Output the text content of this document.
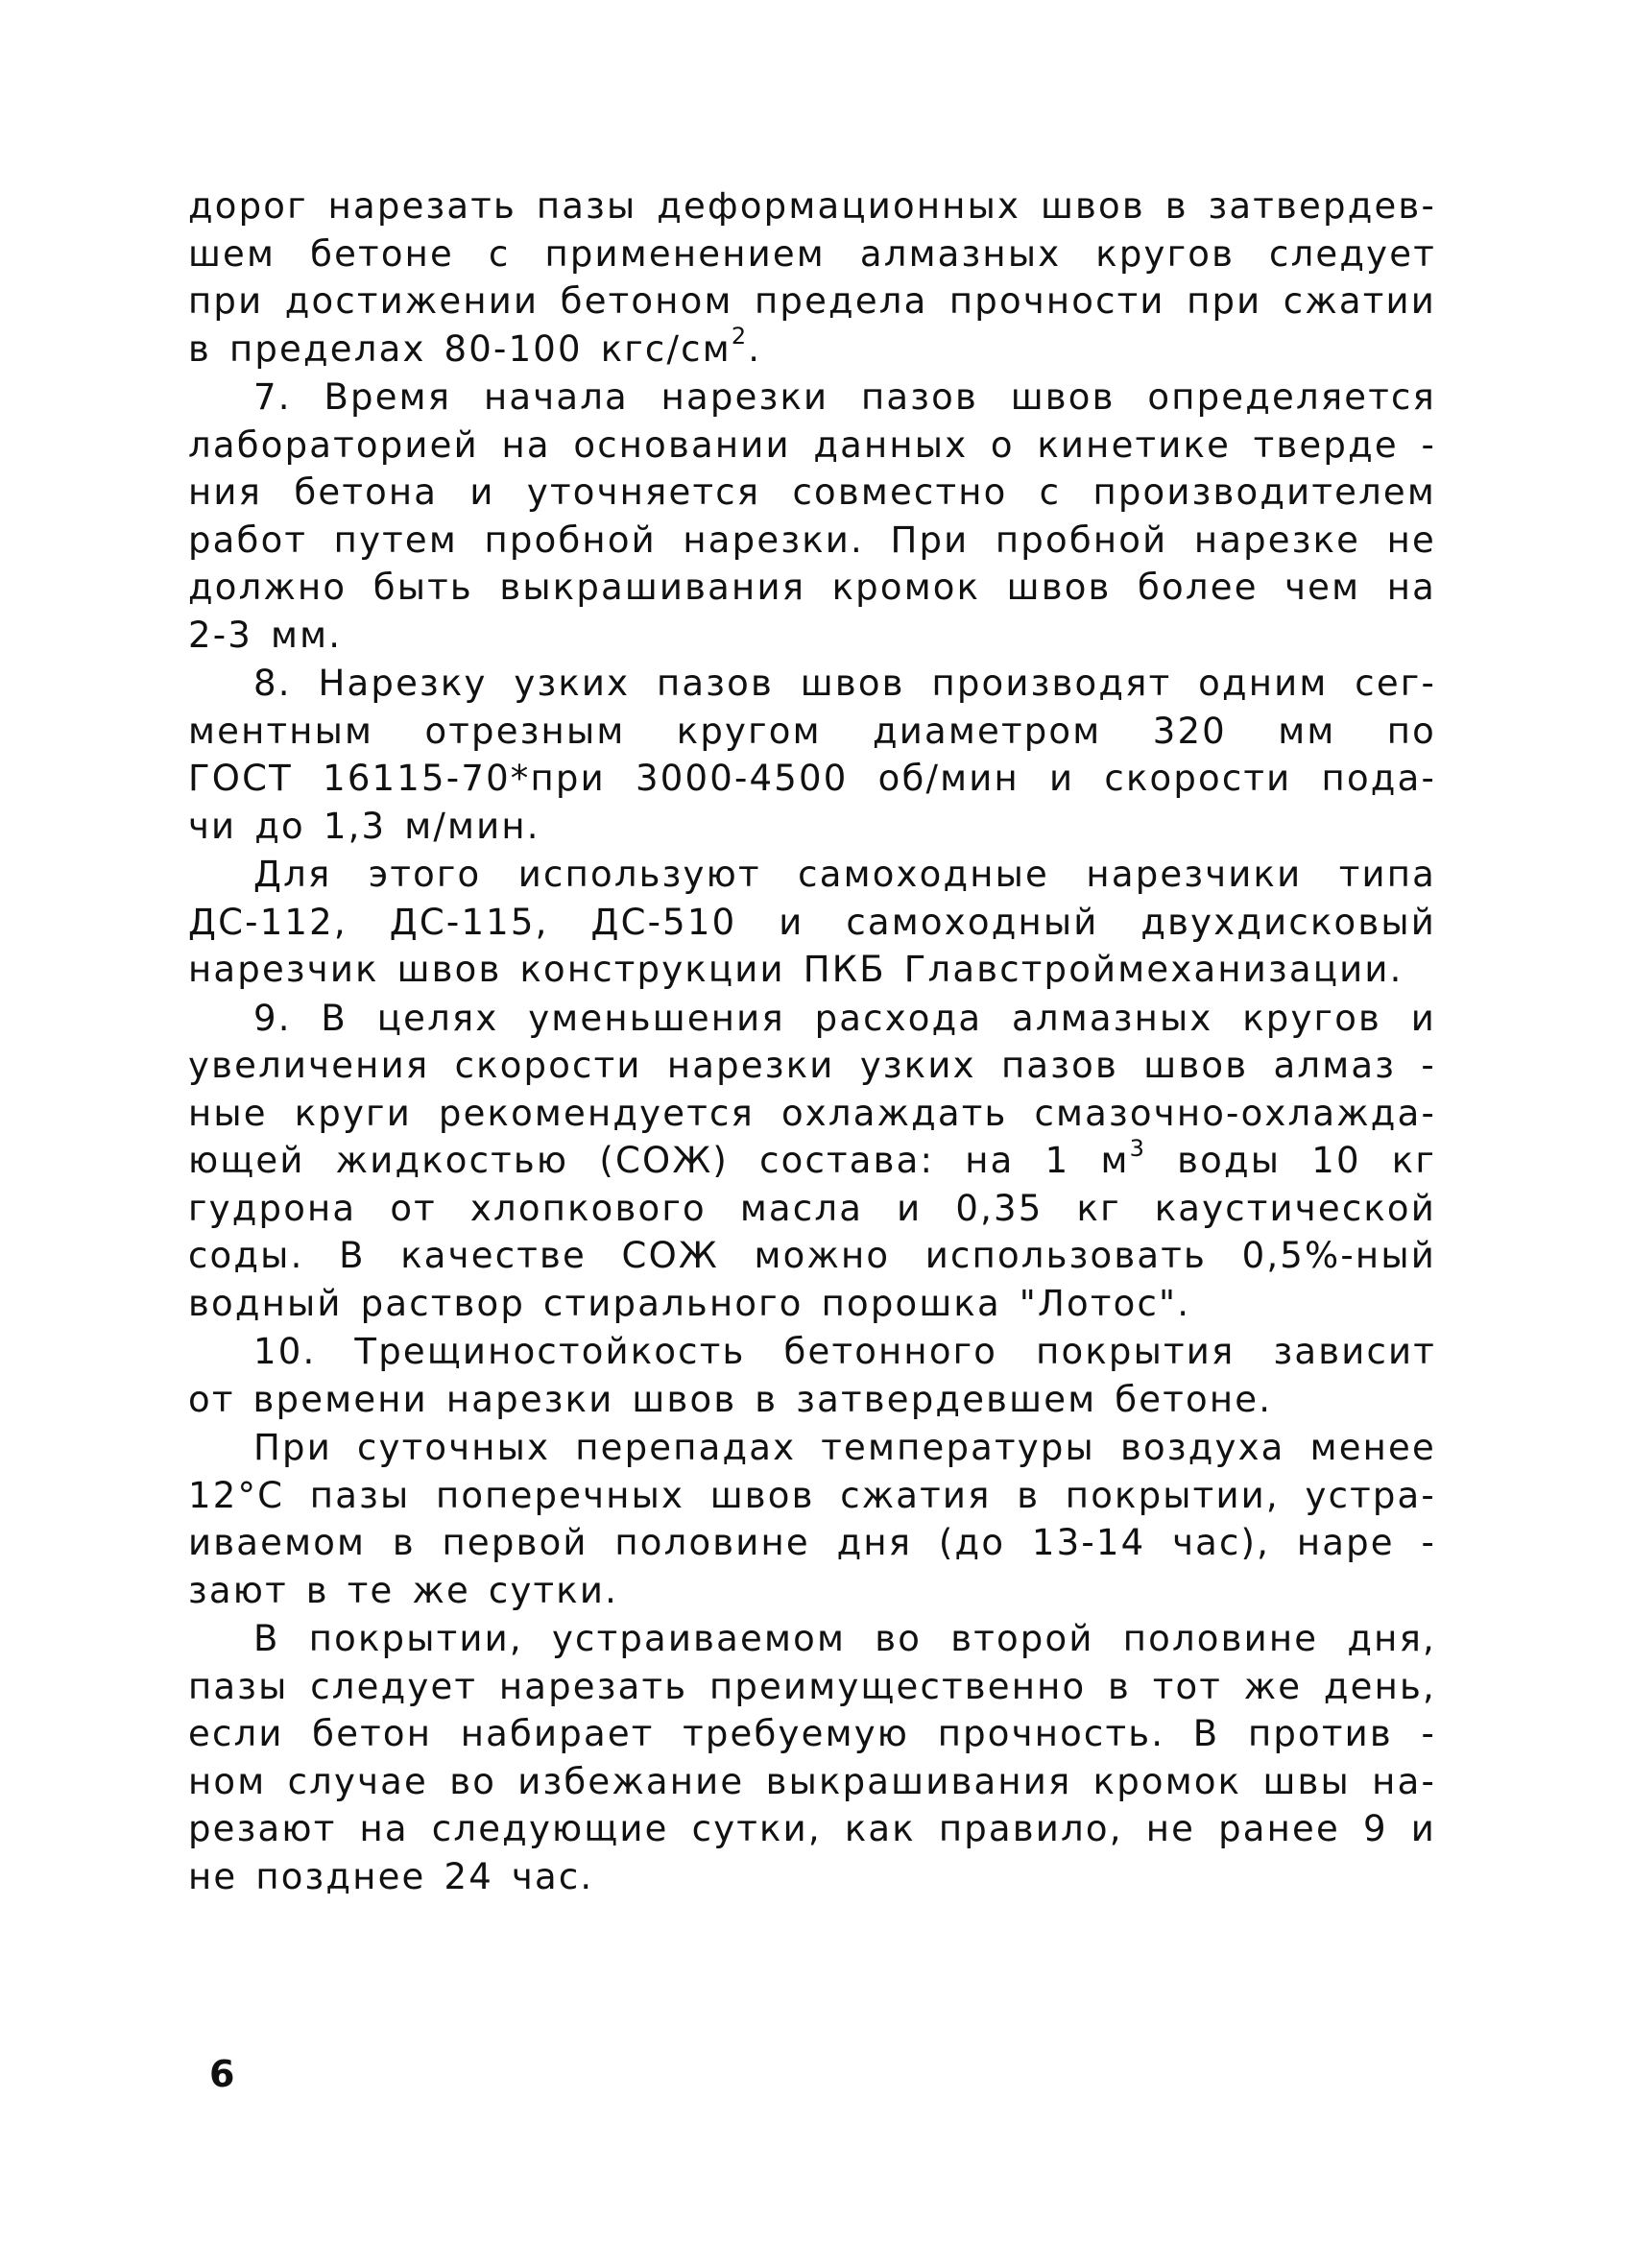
дорог нарезать пазы деформационных швов в затвердев-
шем бетоне с применением алмазных кругов следует
при достижении бетоном предела прочности при сжатии
в пределах 80-100 кгс/$см^2$.
7. Время начала нарезки пазов швов определяется
лабораторией на основании данных о кинетике тверде -
ния бетона и уточняется совместно с производителем
работ путем пробной нарезки. При пробной нарезке не
должно быть выкрашивания кромок швов более чем на
2-3 мм.
8. Нарезку узких пазов швов производят одним сег-
ментным отрезным кругом диаметром 320 мм по
ГОСТ 16115-70*при 3000-4500 об/мин и скорости пода-
чи до 1,3 м/мин.
Для этого используют самоходные нарезчики типа
ДС-112, ДС-115, ДС-510 и самоходный двухдисковый
нарезчик швов конструкции ПКБ Главстроймеханизации.
9. В целях уменьшения расхода алмазных кругов и
увеличения скорости нарезки узких пазов швов алмаз -
ные круги рекомендуется охлаждать смазочно-охлажда-
ющей жидкостью (СОЖ) состава: на 1 $м^3$ воды 10 кг
гудрона от хлопкового масла и 0,35 кг каустической
соды. В качестве СОЖ можно использовать 0,5%-ный
водный раствор стирального порошка "Лотос".
10. Трещиностойкость бетонного покрытия зависит
от времени нарезки швов в затвердевшем бетоне.
При суточных перепадах температуры воздуха менее
12°С пазы поперечных швов сжатия в покрытии, устра-
иваемом в первой половине дня (до 13-14 час), наре -
зают в те же сутки.
В покрытии, устраиваемом во второй половине дня,
пазы следует нарезать преимущественно в тот же день,
если бетон набирает требуемую прочность. В против -
ном случае во избежание выкрашивания кромок швы на-
резают на следующие сутки, как правило, не ранее 9 и
не позднее 24 час.
6
